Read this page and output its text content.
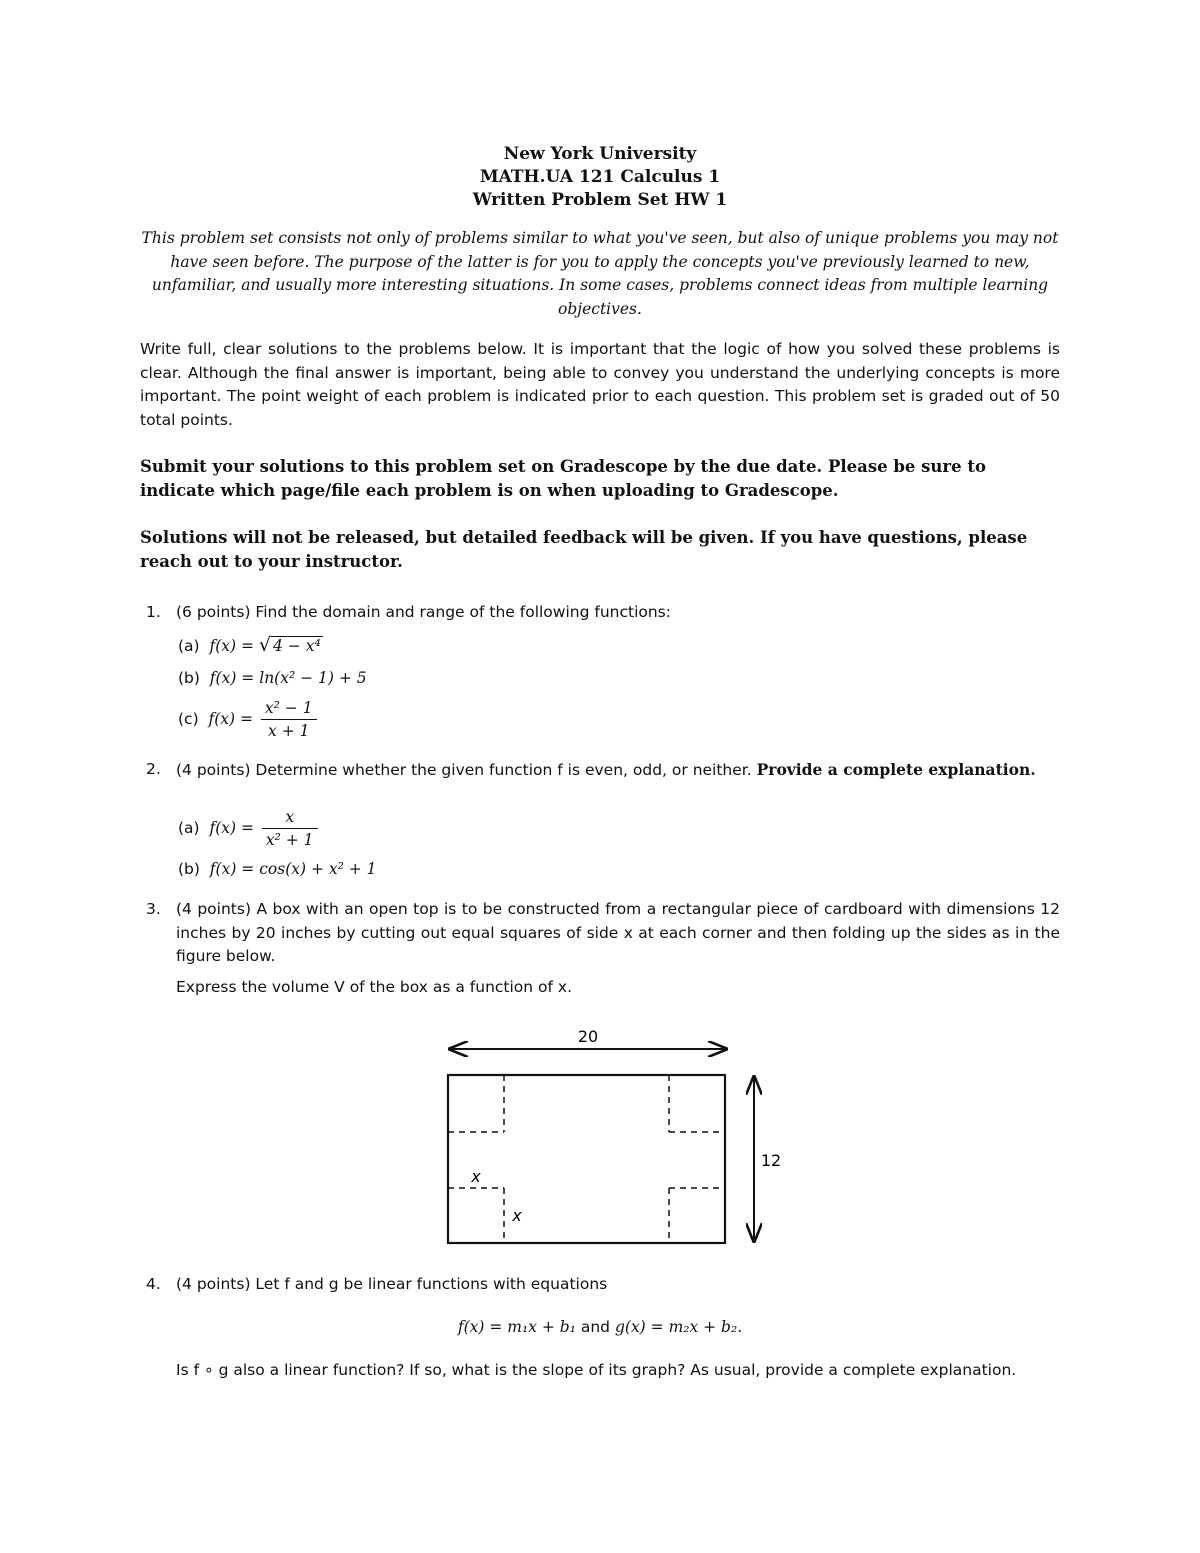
New York University
MATH.UA 121 Calculus 1
Written Problem Set HW 1
This problem set consists not only of problems similar to what you've seen, but also of unique problems you may not have seen before. The purpose of the latter is for you to apply the concepts you've previously learned to new, unfamiliar, and usually more interesting situations. In some cases, problems connect ideas from multiple learning objectives.
Write full, clear solutions to the problems below. It is important that the logic of how you solved these problems is clear. Although the final answer is important, being able to convey you understand the underlying concepts is more important. The point weight of each problem is indicated prior to each question. This problem set is graded out of 50 total points.
Submit your solutions to this problem set on Gradescope by the due date. Please be sure to indicate which page/file each problem is on when uploading to Gradescope.
Solutions will not be released, but detailed feedback will be given. If you have questions, please reach out to your instructor.
1. (6 points) Find the domain and range of the following functions:
(a) f(x) = √ 4 − x⁴
(b) f(x) = ln(x² − 1) + 5
(c) $f(x) = \frac{\text{x² − 1}}{x + 1}$
2. (4 points) Determine whether the given function f is even, odd, or neither. Provide a complete explanation.
(a) $f(x) = \frac{x}{\text{x² + 1}}$
(b) f(x) = cos(x) + x² + 1
3. (4 points) A box with an open top is to be constructed from a rectangular piece of cardboard with dimensions 12 inches by 20 inches by cutting out equal squares of side x at each corner and then folding up the sides as in the figure below.
Express the volume V of the box as a function of x.
20
x
x
12
4. (4 points) Let f and g be linear functions with equations
f(x) = m₁x + b₁ and g(x) = m₂x + b₂.
Is f ∘ g also a linear function? If so, what is the slope of its graph? As usual, provide a complete explanation.
